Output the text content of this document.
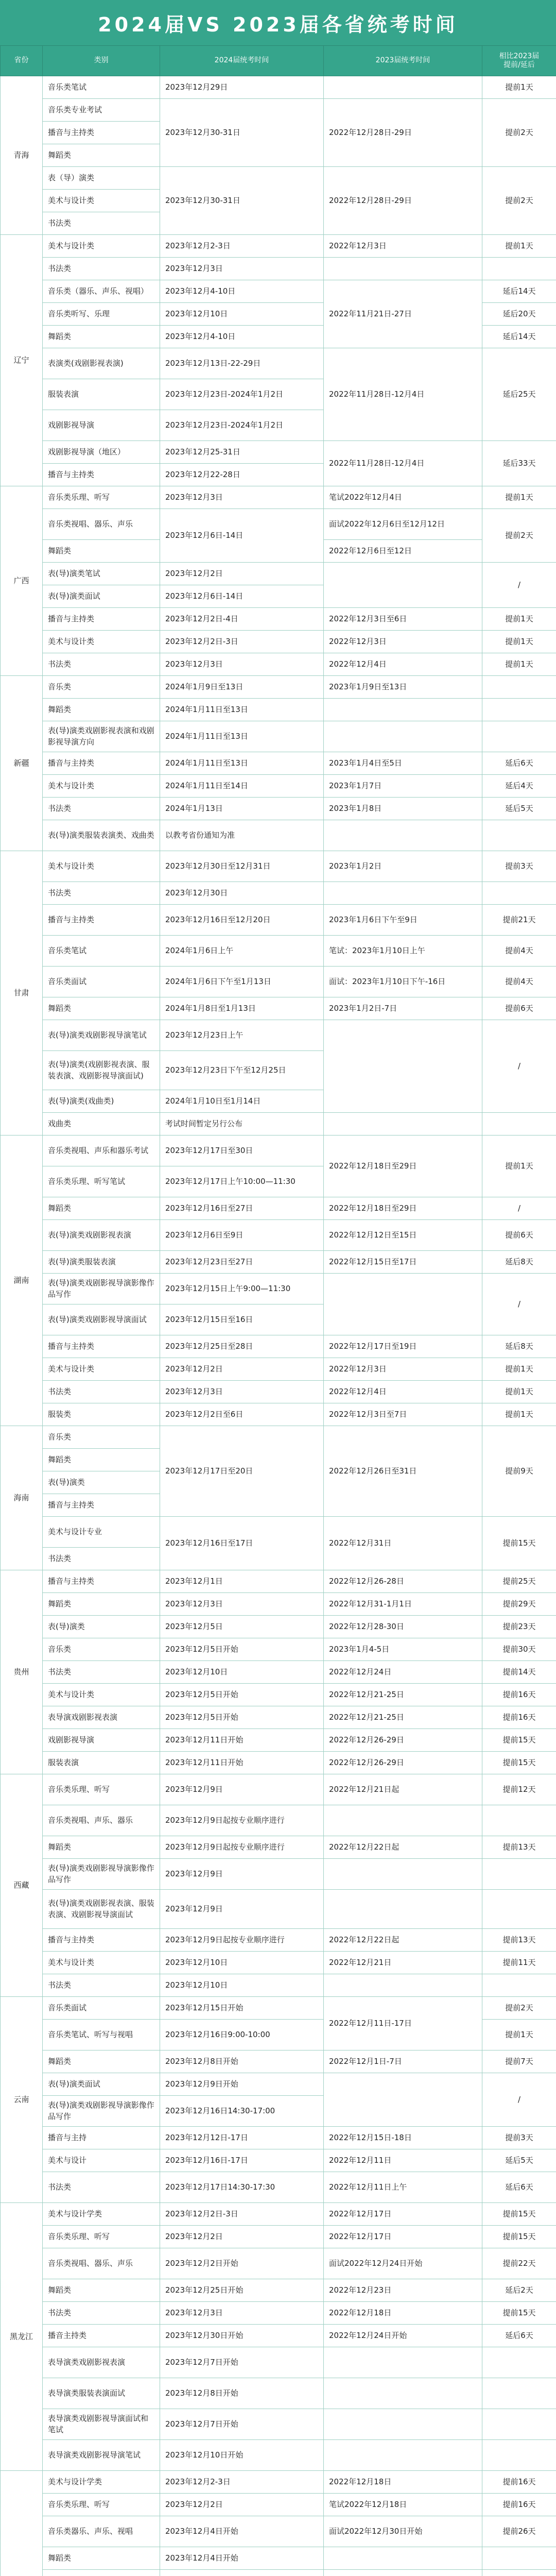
2024届VS 2023届各省统考时间
省份	类别	2024届统考时间	2023届统考时间	相比2023届
提前/延后
青海	音乐类笔试	2023年12月29日		提前1天
	音乐类专业考试	2023年12月30-31日	2022年12月28日-29日	提前2天
	播音与主持类			
	舞蹈类			
	表（导）演类	2023年12月30-31日	2022年12月28日-29日	提前2天
	美术与设计类			
	书法类			
辽宁	美术与设计类	2023年12月2-3日	2022年12月3日	提前1天
	书法类	2023年12月3日		
	音乐类（器乐、声乐、视唱）	2023年12月4-10日	2022年11月21日-27日	延后14天
	音乐类听写、乐理	2023年12月10日		延后20天
	舞蹈类	2023年12月4-10日		延后14天
	表演类(戏剧影视表演)	2023年12月13日-22-29日	2022年11月28日-12月4日	延后25天
	服装表演	2023年12月23日-2024年1月2日		
	戏剧影视导演	2023年12月23日-2024年1月2日		
	戏剧影视导演（地区）	2023年12月25-31日	2022年11月28日-12月4日	延后33天
	播音与主持类	2023年12月22-28日		
广西	音乐类乐理、听写	2023年12月3日	笔试2022年12月4日	提前1天
	音乐类视唱、器乐、声乐	2023年12月6日-14日	面试2022年12月6日至12月12日	提前2天
	舞蹈类		2022年12月6日至12日	
	表(导)演类笔试	2023年12月2日		/
	表(导)演类面试	2023年12月6日-14日		
	播音与主持类	2023年12月2日-4日	2022年12月3日至6日	提前1天
	美术与设计类	2023年12月2日-3日	2022年12月3日	提前1天
	书法类	2023年12月3日	2022年12月4日	提前1天
新疆	音乐类	2024年1月9日至13日	2023年1月9日至13日	
	舞蹈类	2024年1月11日至13日		
	表(导)演类戏剧影视表演和戏剧影视导演方向	2024年1月11日至13日		
	播音与主持类	2024年1月11日至13日	2023年1月4日至5日	延后6天
	美术与设计类	2024年1月11日至14日	2023年1月7日	延后4天
	书法类	2024年1月13日	2023年1月8日	延后5天
	表(导)演类服装表演类、戏曲类	以教考省份通知为准		
甘肃	美术与设计类	2023年12月30日至12月31日	2023年1月2日	提前3天
	书法类	2023年12月30日		
	播音与主持类	2023年12月16日至12月20日	2023年1月6日下午至9日	提前21天
	音乐类笔试	2024年1月6日上午	笔试：2023年1月10日上午	提前4天
	音乐类面试	2024年1月6日下午至1月13日	面试：2023年1月10日下午-16日	提前4天
	舞蹈类	2024年1月8日至1月13日	2023年1月2日-7日	提前6天
	表(导)演类戏剧影视导演笔试	2023年12月23日上午		/
	表(导)演类(戏剧影视表演、服装表演、戏剧影视导演面试)	2023年12月23日下午至12月25日		
	表(导)演类(戏曲类)	2024年1月10日至1月14日		
	戏曲类	考试时间暂定另行公布		
湖南	音乐类视唱、声乐和器乐考试	2023年12月17日至30日	2022年12月18日至29日	提前1天
	音乐类乐理、听写笔试	2023年12月17日上午10:00—11:30		
	舞蹈类	2023年12月16日至27日	2022年12月18日至29日	/
	表(导)演类戏剧影视表演	2023年12月6日至9日	2022年12月12日至15日	提前6天
	表(导)演类服装表演	2023年12月23日至27日	2022年12月15日至17日	延后8天
	表(导)演类戏剧影视导演影像作品写作	2023年12月15日上午9:00—11:30		/
	表(导)演类戏剧影视导演面试	2023年12月15日至16日		
	播音与主持类	2023年12月25日至28日	2022年12月17日至19日	延后8天
	美术与设计类	2023年12月2日	2022年12月3日	提前1天
	书法类	2023年12月3日	2022年12月4日	提前1天
	服装类	2023年12月2日至6日	2022年12月3日至7日	提前1天
海南	音乐类	2023年12月17日至20日	2022年12月26日至31日	提前9天
	舞蹈类			
	表(导)演类			
	播音与主持类			
	美术与设计专业	2023年12月16日至17日	2022年12月31日	提前15天
	书法类			
贵州	播音与主持类	2023年12月1日	2022年12月26-28日	提前25天
	舞蹈类	2023年12月3日	2022年12月31-1月1日	提前29天
	表(导)演类	2023年12月5日	2022年12月28-30日	提前23天
	音乐类	2023年12月5日开始	2023年1月4-5日	提前30天
	书法类	2023年12月10日	2022年12月24日	提前14天
	美术与设计类	2023年12月5日开始	2022年12月21-25日	提前16天
	表导演戏剧影视表演	2023年12月5日开始	2022年12月21-25日	提前16天
	戏剧影视导演	2023年12月11日开始	2022年12月26-29日	提前15天
	服装表演	2023年12月11日开始	2022年12月26-29日	提前15天
西藏	音乐类乐理、听写	2023年12月9日	2022年12月21日起	提前12天
	音乐类视唱、声乐、器乐	2023年12月9日起按专业顺序进行		
	舞蹈类	2023年12月9日起按专业顺序进行	2022年12月22日起	提前13天
	表(导)演类戏剧影视导演影像作品写作	2023年12月9日		
	表(导)演类戏剧影视表演、服装表演、戏剧影视导演面试	2023年12月9日		
	播音与主持类	2023年12月9日起按专业顺序进行	2022年12月22日起	提前13天
	美术与设计类	2023年12月10日	2022年12月21日	提前11天
	书法类	2023年12月10日		
云南	音乐类面试	2023年12月15日开始	2022年12月11日-17日	提前2天
	音乐类笔试、听写与视唱	2023年12月16日9:00-10:00		提前1天
	舞蹈类	2023年12月8日开始	2022年12月1日-7日	提前7天
	表(导)演类面试	2023年12月9日开始		/
	表(导)演类戏剧影视导演影像作品写作	2023年12月16日14:30-17:00		
	播音与主持	2023年12月12日-17日	2022年12月15日-18日	提前3天
	美术与设计	2023年12月16日-17日	2022年12月11日	延后5天
	书法类	2023年12月17日14:30-17:30	2022年12月11日上午	延后6天
黑龙江	美术与设计学类	2023年12月2日-3日	2022年12月17日	提前15天
	音乐类乐理、听写	2023年12月2日	2022年12月17日	提前15天
	音乐类视唱、器乐、声乐	2023年12月2日开始	面试2022年12月24日开始	提前22天
	舞蹈类	2023年12月25日开始	2022年12月23日	延后2天
	书法类	2023年12月3日	2022年12月18日	提前15天
	播音主持类	2023年12月30日开始	2022年12月24日开始	延后6天
	表导演类戏剧影视表演	2023年12月7日开始		
	表导演类服装表演面试	2023年12月8日开始		
	表导演类戏剧影视导演面试和笔试	2023年12月7日开始		
	表导演类戏剧影视导演笔试	2023年12月10日开始		
	美术与设计学类	2023年12月2-3日	2022年12月18日	提前16天
	音乐类乐理、听写	2023年12月2日	笔试2022年12月18日	提前16天
	音乐类器乐、声乐、视唱	2023年12月4日开始	面试2022年12月30日开始	提前26天
	舞蹈类	2023年12月4日开始		
